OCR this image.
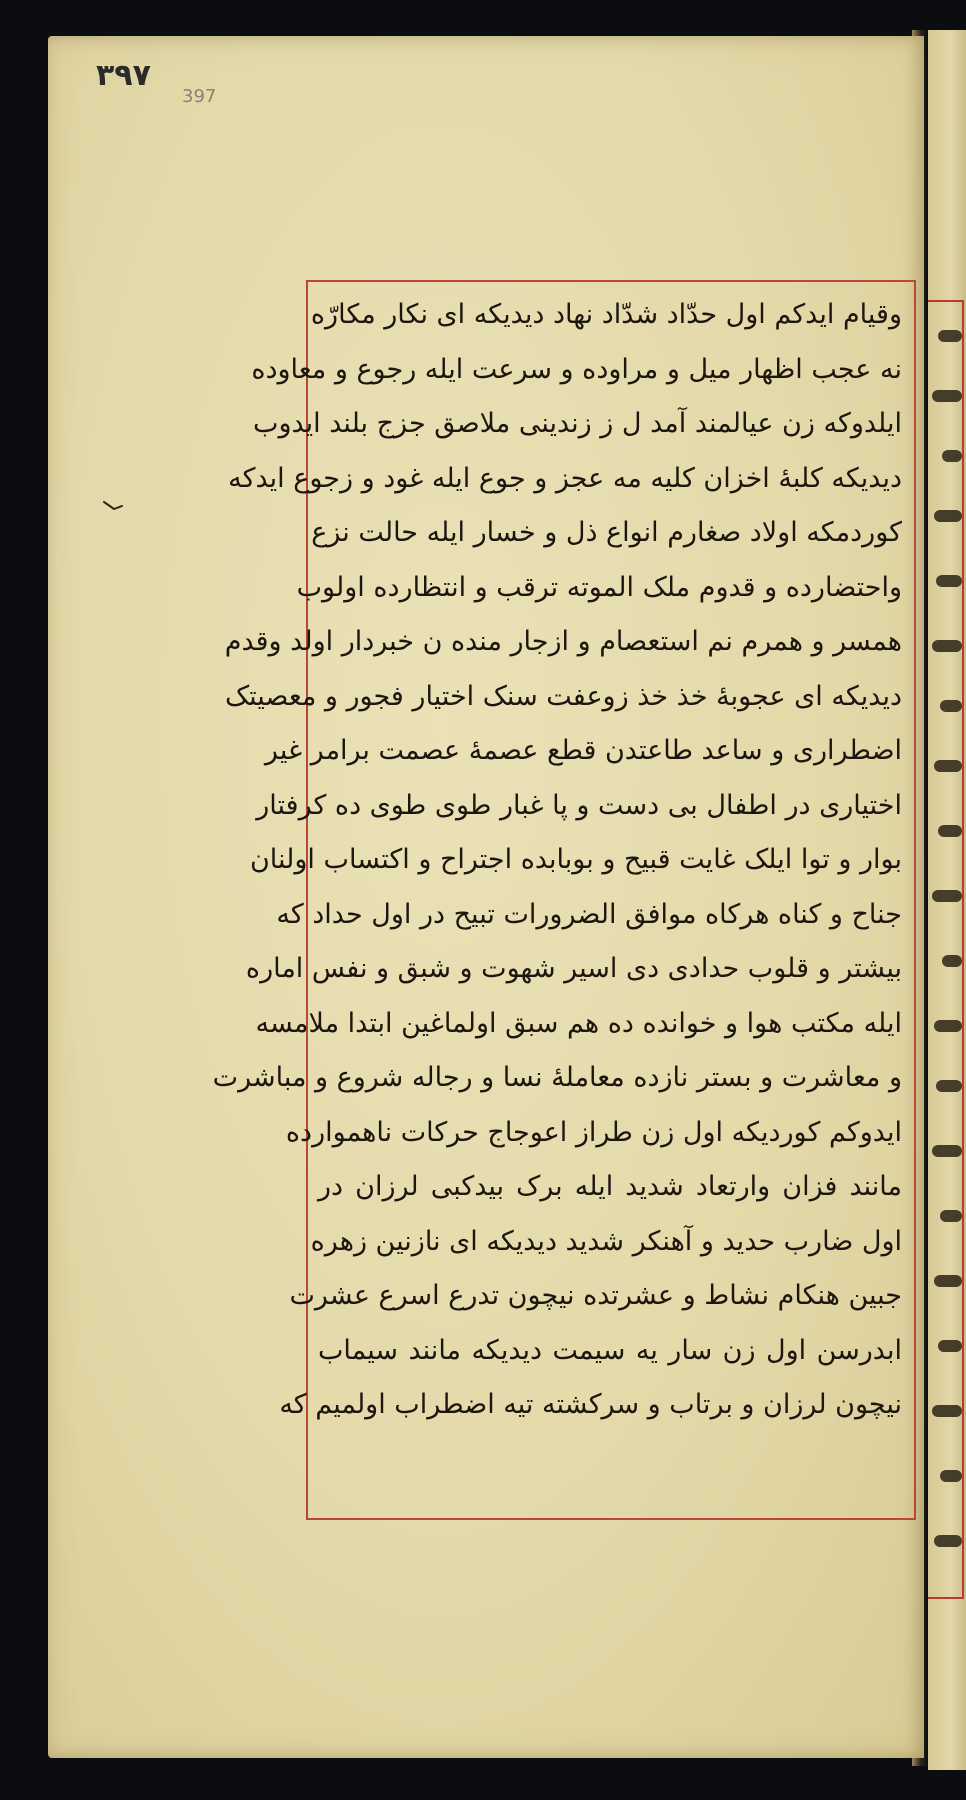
٣٩٧
397

وقیام ایدکم اول حدّاد شدّاد نهاد دیدیکه ای نکار مکارّه

نه عجب اظهار میل و مراوده و سرعت ایله رجوع و معاوده

ایلدوکه زن عیالمند آمد ل ز زندینی ملاصق جزج بلند ایدوب

دیدیکه کلبهٔ اخزان کلیه مه عجز و جوع ایله غود و زجوع ایدکه

کوردمکه اولاد صغارم انواع ذل و خسار ایله حالت نزع

واحتضارده و قدوم ملک الموته ترقب و انتظارده اولوب

همسر و همرم نم استعصام و ازجار منده ن خبردار اولد وقدم

دیدیکه ای عجوبهٔ خذ خذ زوعفت سنک اختیار فجور و معصیتک

اضطراری و ساعد طاعتدن قطع عصمهٔ عصمت برامر غیر

اختیاری در اطفال بی دست و پا غبار طوی طوی ده کرفتار

بوار و توا ایلک غایت قبیح و بوبابده اجتراح و اکتساب اولنان

جناح و کناه هرکاه موافق الضرورات تبیح در اول حداد که

بیشتر و قلوب حدادی دی اسیر شهوت و شبق و نفس اماره

ایله مکتب هوا و خوانده ده هم سبق اولماغین ابتدا ملامسه

و معاشرت و بستر نازده معاملهٔ نسا و رجاله شروع و مباشرت

ایدوکم کوردیکه اول زن طراز اعوجاج حرکات ناهموارده

مانند فزان وارتعاد شدید ایله برک بیدکبی لرزان در

اول ضارب حدید و آهنکر شدید دیدیکه ای نازنین زهره

جبین هنکام نشاط و عشرتده نیچون تدرع اسرع عشرت

ابدرسن اول زن سار یه سیمت دیدیکه مانند سیماب

نیچون لرزان و برتاب و سرکشته تیه اضطراب اولمیم که
